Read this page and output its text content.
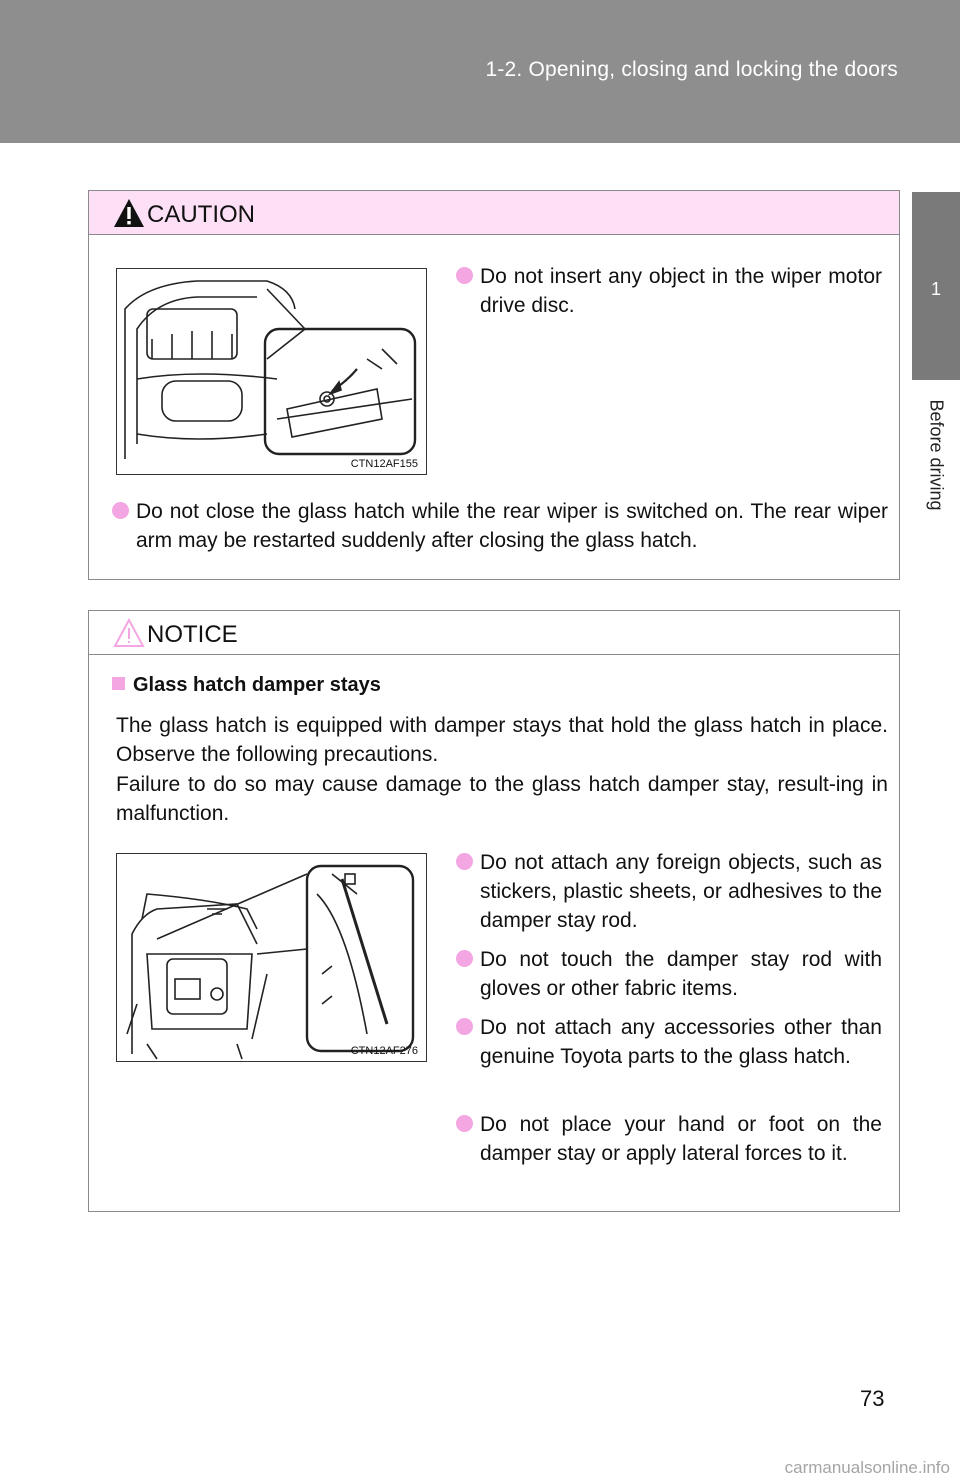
1-2. Opening, closing and locking the doors
1
Before driving
CAUTION
CTN12AF155
Do not insert any object in the wiper motor drive disc.
Do not close the glass hatch while the rear wiper is switched on. The rear wiper arm may be restarted suddenly after closing the glass hatch.
NOTICE
Glass hatch damper stays
The glass hatch is equipped with damper stays that hold the glass hatch in place. Observe the following precautions.
Failure to do so may cause damage to the glass hatch damper stay, result-ing in malfunction.
CTN12AF276
Do not attach any foreign objects, such as stickers, plastic sheets, or adhesives to the damper stay rod.
Do not touch the damper stay rod with gloves or other fabric items.
Do not attach any accessories other than genuine Toyota parts to the glass hatch.
Do not place your hand or foot on the damper stay or apply lateral forces to it.
73
carmanualsonline.info
